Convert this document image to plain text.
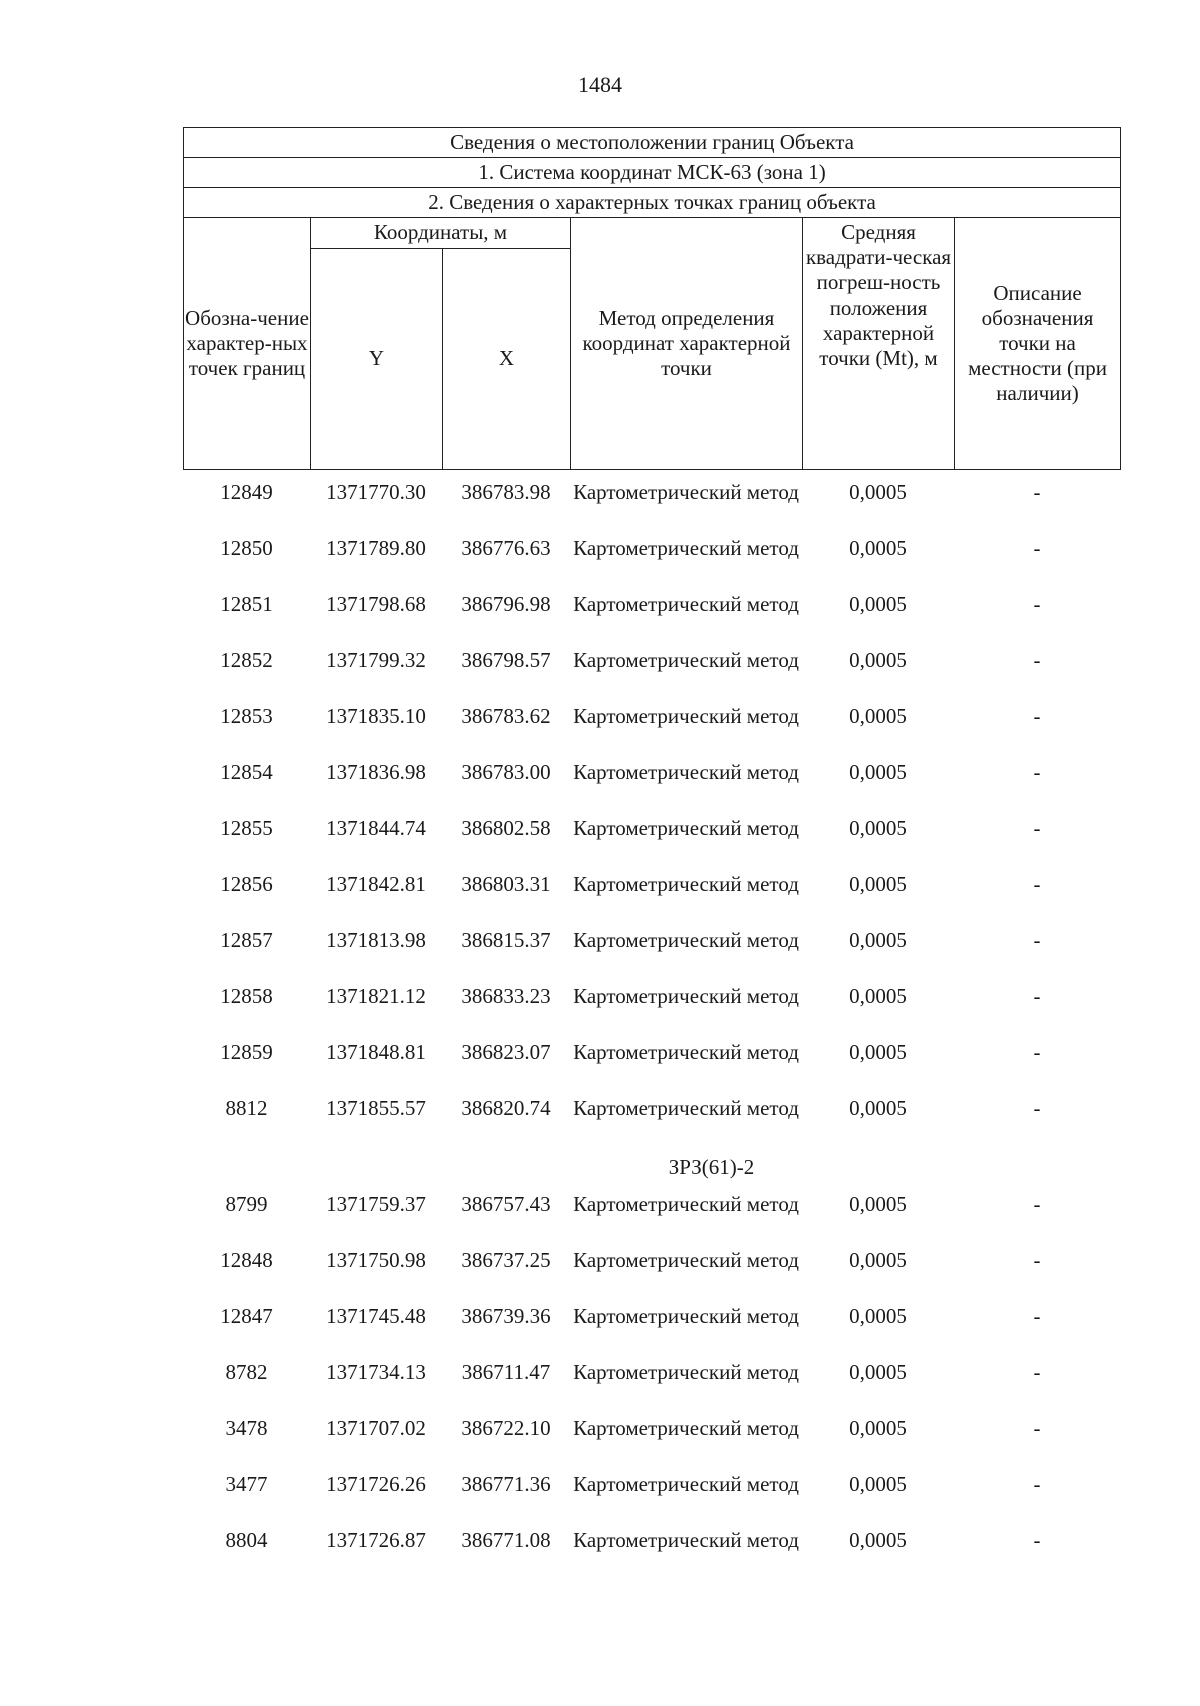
1484
Сведения о местоположении границ Объекта					
1. Система координат МСК-63 (зона 1)					
2. Сведения о характерных точках границ объекта					
Обозна-чение характер-ных точек границ	Координаты, м		Метод определения координат характерной точки	Средняя квадрати-ческая погреш-ность положения характерной точки (Mt), м	Описание обозначения точки на местности (при наличии)
	Y	X			
12849	1371770.30	386783.98	Картометрический метод	0,0005	-
12850	1371789.80	386776.63	Картометрический метод	0,0005	-
12851	1371798.68	386796.98	Картометрический метод	0,0005	-
12852	1371799.32	386798.57	Картометрический метод	0,0005	-
12853	1371835.10	386783.62	Картометрический метод	0,0005	-
12854	1371836.98	386783.00	Картометрический метод	0,0005	-
12855	1371844.74	386802.58	Картометрический метод	0,0005	-
12856	1371842.81	386803.31	Картометрический метод	0,0005	-
12857	1371813.98	386815.37	Картометрический метод	0,0005	-
12858	1371821.12	386833.23	Картометрический метод	0,0005	-
12859	1371848.81	386823.07	Картометрический метод	0,0005	-
8812	1371855.57	386820.74	Картометрический метод	0,0005	-
ЗРЗ(61)-2
8799	1371759.37	386757.43	Картометрический метод	0,0005	-
12848	1371750.98	386737.25	Картометрический метод	0,0005	-
12847	1371745.48	386739.36	Картометрический метод	0,0005	-
8782	1371734.13	386711.47	Картометрический метод	0,0005	-
3478	1371707.02	386722.10	Картометрический метод	0,0005	-
3477	1371726.26	386771.36	Картометрический метод	0,0005	-
8804	1371726.87	386771.08	Картометрический метод	0,0005	-
